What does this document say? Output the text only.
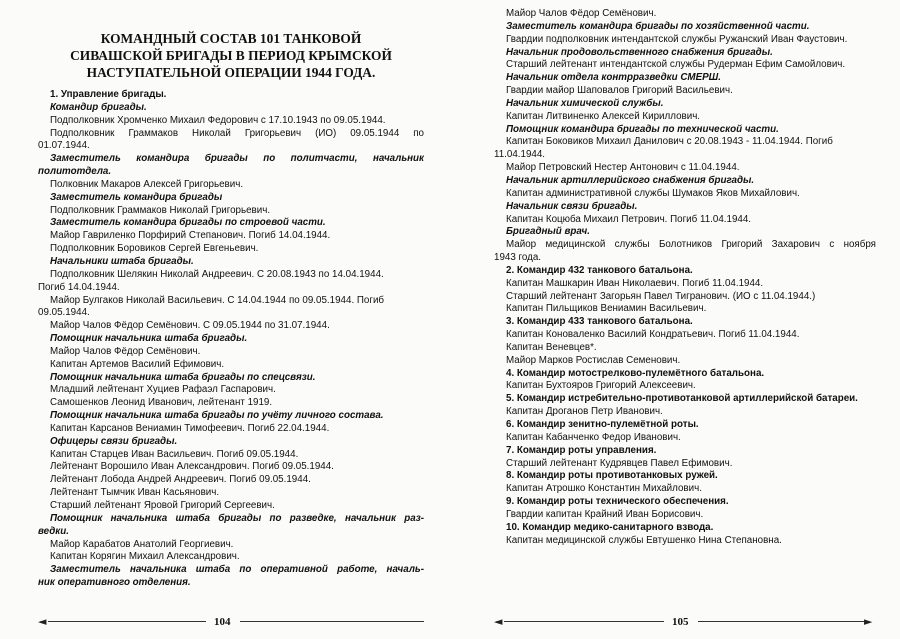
КОМАНДНЫЙ СОСТАВ 101 ТАНКОВОЙ
СИВАШСКОЙ БРИГАДЫ В ПЕРИОД КРЫМСКОЙ
НАСТУПАТЕЛЬНОЙ ОПЕРАЦИИ 1944 ГОДА.
1. Управление бригады.
Командир бригады.
Подполковник Хромченко Михаил Федорович с 17.10.1943 по 09.05.1944.
Подполковник Граммаков Николай Григорьевич (ИО) 09.05.1944 по
01.07.1944.
Заместитель командира бригады по политчасти, начальник
политотдела.
Полковник Макаров Алексей Григорьевич.
Заместитель командира бригады
Подполковник Граммаков Николай Григорьевич.
Заместитель командира бригады по строевой части.
Майор Гавриленко Порфирий Степанович. Погиб 14.04.1944.
Подполковник Боровиков Сергей Евгеньевич.
Начальники штаба бригады.
Подполковник Шелякин Николай Андреевич. С 20.08.1943 по 14.04.1944.
Погиб 14.04.1944.
Майор Булгаков Николай Васильевич. С 14.04.1944 по 09.05.1944. Погиб
09.05.1944.
Майор Чалов Фёдор Семёнович. С 09.05.1944 по 31.07.1944.
Помощник начальника штаба бригады.
Майор Чалов Фёдор Семёнович.
Капитан Артемов Василий Ефимович.
Помощник начальника штаба бригады по спецсвязи.
Младший лейтенант Хуциев Рафаэл Гаспарович.
Самошенков Леонид Иванович, лейтенант 1919.
Помощник начальника штаба бригады по учёту личного состава.
Капитан Карсанов Вениамин Тимофеевич. Погиб 22.04.1944.
Офицеры связи бригады.
Капитан Старцев Иван Васильевич. Погиб 09.05.1944.
Лейтенант Ворошило Иван Александрович. Погиб 09.05.1944.
Лейтенант Лобода Андрей Андреевич. Погиб 09.05.1944.
Лейтенант Тымчик Иван Касьянович.
Старший лейтенант Яровой Григорий Сергеевич.
Помощник начальника штаба бригады по разведке, начальник раз-
ведки.
Майор Карабатов Анатолий Георгиевич.
Капитан Корягин Михаил Александрович.
Заместитель начальника штаба по оперативной работе, началь-
ник оперативного отделения.
◄	104
Майор Чалов Фёдор Семёнович.
Заместитель командира бригады по хозяйственной части.
Гвардии подполковник интендантской службы Ружанский Иван Фаустович.
Начальник продовольственного снабжения бригады.
Старший лейтенант интендантской службы Рудерман Ефим Самойлович.
Начальник отдела контрразведки СМЕРШ.
Гвардии майор Шаповалов Григорий Васильевич.
Начальник химической службы.
Капитан Литвиненко Алексей Кириллович.
Помощник командира бригады по технической части.
Капитан Боковиков Михаил Данилович с 20.08.1943 - 11.04.1944. Погиб
11.04.1944.
Майор Петровский Нестер Антонович с 11.04.1944.
Начальник артиллерийского снабжения бригады.
Капитан административной службы Шумаков Яков Михайлович.
Начальник связи бригады.
Капитан Коцюба Михаил Петрович. Погиб 11.04.1944.
Бригадный врач.
Майор медицинской службы Болотников Григорий Захарович с ноября
1943 года.
2. Командир 432 танкового батальона.
Капитан Машкарин Иван Николаевич. Погиб 11.04.1944.
Старший лейтенант Загорьян Павел Тигранович. (ИО с 11.04.1944.)
Капитан Пильщиков Вениамин Васильевич.
3. Командир 433 танкового батальона.
Капитан Коноваленко Василий Кондратьевич. Погиб 11.04.1944.
Капитан Веневцев*.
Майор Марков Ростислав Семенович.
4. Командир мотострелково-пулемётного батальона.
Капитан Бухтояров Григорий Алексеевич.
5. Командир истребительно-противотанковой артиллерийской батареи.
Капитан Дроганов Петр Иванович.
6. Командир зенитно-пулемётной роты.
Капитан Кабанченко Федор Иванович.
7. Командир роты управления.
Старший лейтенант Кудрявцев Павел Ефимович.
8. Командир роты противотанковых ружей.
Капитан Атрошко Константин Михайлович.
9. Командир роты технического обеспечения.
Гвардии капитан Крайний Иван Борисович.
10. Командир медико-санитарного взвода.
Капитан медицинской службы Евтушенко Нина Степановна.
◄	105	►
